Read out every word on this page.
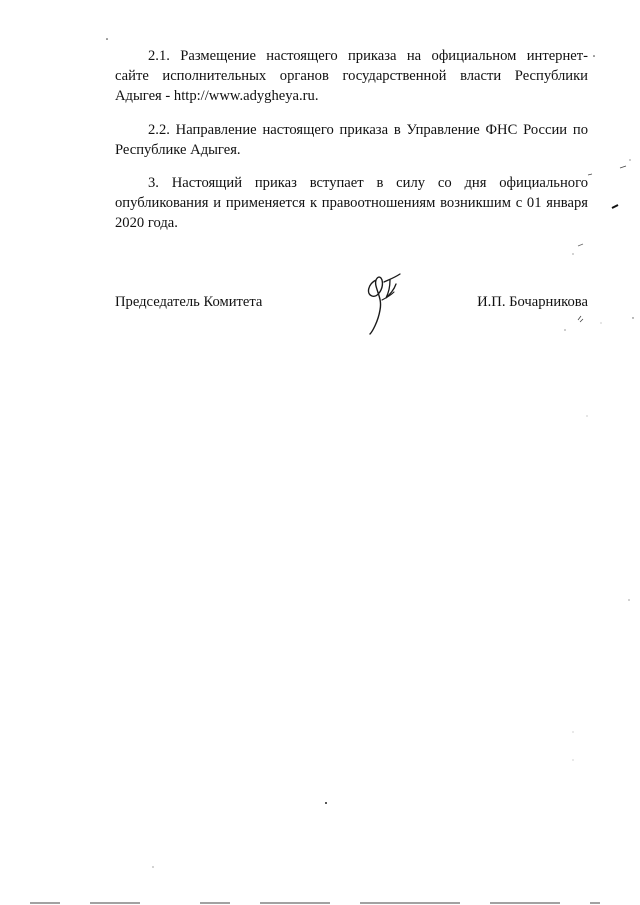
2.1. Размещение настоящего приказа на официальном интернет-
сайте исполнительных органов государственной власти Республики
Адыгея - http://www.adygheya.ru.

2.2. Направление настоящего приказа в Управление ФНС России по
Республике Адыгея.

3. Настоящий приказ вступает в силу со дня официального
опубликования и применяется к правоотношениям возникшим с 01 января
2020 года.

Председатель Комитета	И.П. Бочарникова
